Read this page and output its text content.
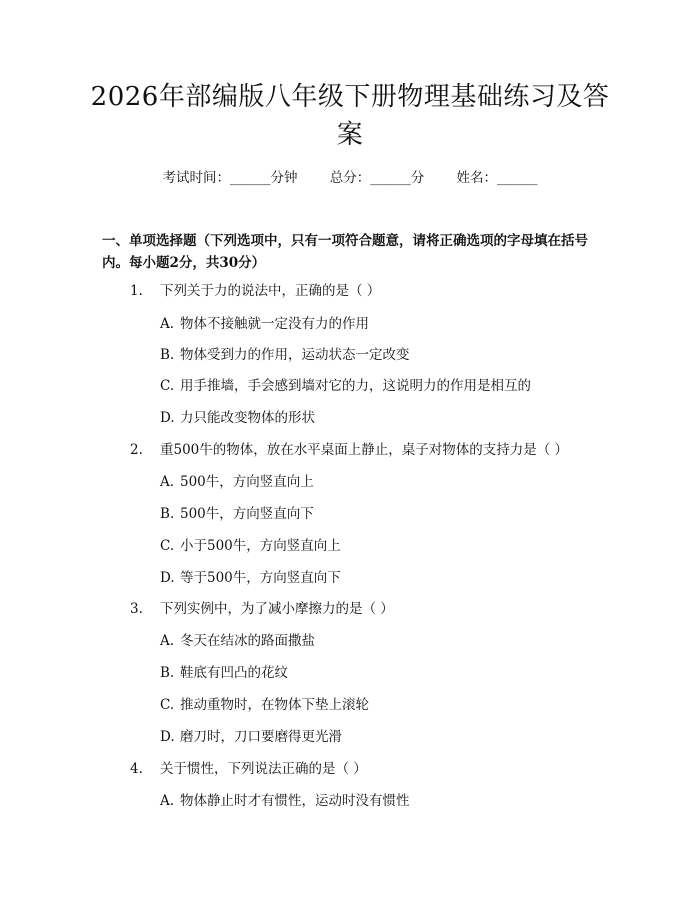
2026年部编版八年级下册物理基础练习及答案
考试时间：______分钟 总分：______分 姓名：______
一、单项选择题（下列选项中，只有一项符合题意，请将正确选项的字母填在括号内。每小题2分，共30分）
1. 下列关于力的说法中，正确的是（ ）
A. 物体不接触就一定没有力的作用
B. 物体受到力的作用，运动状态一定改变
C. 用手推墙，手会感到墙对它的力，这说明力的作用是相互的
D. 力只能改变物体的形状
2. 重500牛的物体，放在水平桌面上静止，桌子对物体的支持力是（ ）
A. 500牛，方向竖直向上
B. 500牛，方向竖直向下
C. 小于500牛，方向竖直向上
D. 等于500牛，方向竖直向下
3. 下列实例中，为了减小摩擦力的是（ ）
A. 冬天在结冰的路面撒盐
B. 鞋底有凹凸的花纹
C. 推动重物时，在物体下垫上滚轮
D. 磨刀时，刀口要磨得更光滑
4. 关于惯性，下列说法正确的是（ ）
A. 物体静止时才有惯性，运动时没有惯性
